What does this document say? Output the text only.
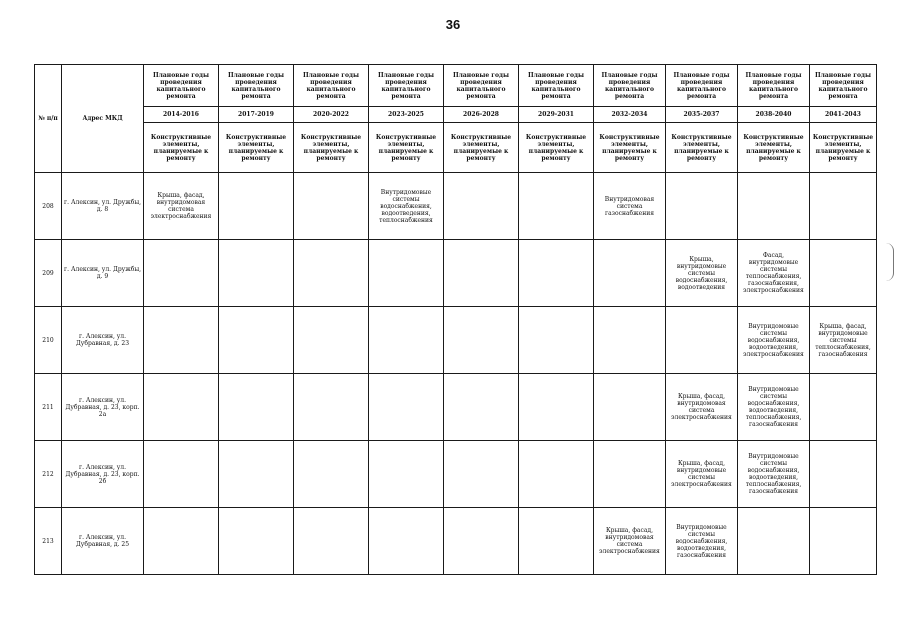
36
№ п/п	Адрес МКД	Плановые годы проведения капитального ремонта	Плановые годы проведения капитального ремонта	Плановые годы проведения капитального ремонта	Плановые годы проведения капитального ремонта	Плановые годы проведения капитального ремонта	Плановые годы проведения капитального ремонта	Плановые годы проведения капитального ремонта	Плановые годы проведения капитального ремонта	Плановые годы проведения капитального ремонта	Плановые годы проведения капитального ремонта
		2014-2016	2017-2019	2020-2022	2023-2025	2026-2028	2029-2031	2032-2034	2035-2037	2038-2040	2041-2043
		Конструктивные элементы, планируемые к ремонту	Конструктивные элементы, планируемые к ремонту	Конструктивные элементы, планируемые к ремонту	Конструктивные элементы, планируемые к ремонту	Конструктивные элементы, планируемые к ремонту	Конструктивные элементы, планируемые к ремонту	Конструктивные элементы, планируемые к ремонту	Конструктивные элементы, планируемые к ремонту	Конструктивные элементы, планируемые к ремонту	Конструктивные элементы, планируемые к ремонту
208	г. Алексин, ул. Дружбы, д. 8	Крыша, фасад, внутридомовая система электроснабжения			Внутридомовые системы водоснабжения, водоотведения, теплоснабжения			Внутридомовая система газоснабжения			
209	г. Алексин, ул. Дружбы, д. 9								Крыша, внутридомовые системы водоснабжения, водоотведения	Фасад, внутридомовые системы теплоснабжения, газоснабжения, электроснабжения	
210	г. Алексин, ул. Дубравная, д. 23									Внутридомовые системы водоснабжения, водоотведения, электроснабжения	Крыша, фасад, внутридомовые системы теплоснабжения, газоснабжения
211	г. Алексин, ул. Дубравная, д. 23, корп. 2а								Крыша, фасад, внутридомовая система электроснабжения	Внутридомовые системы водоснабжения, водоотведения, теплоснабжения, газоснабжения	
212	г. Алексин, ул. Дубравная, д. 23, корп. 2б								Крыша, фасад, внутридомовые системы электроснабжения	Внутридомовые системы водоснабжения, водоотведения, теплоснабжения, газоснабжения	
213	г. Алексин, ул. Дубравная, д. 25							Крыша, фасад, внутридомовая система электроснабжения	Внутридомовые системы водоснабжения, водоотведения, газоснабжения		
